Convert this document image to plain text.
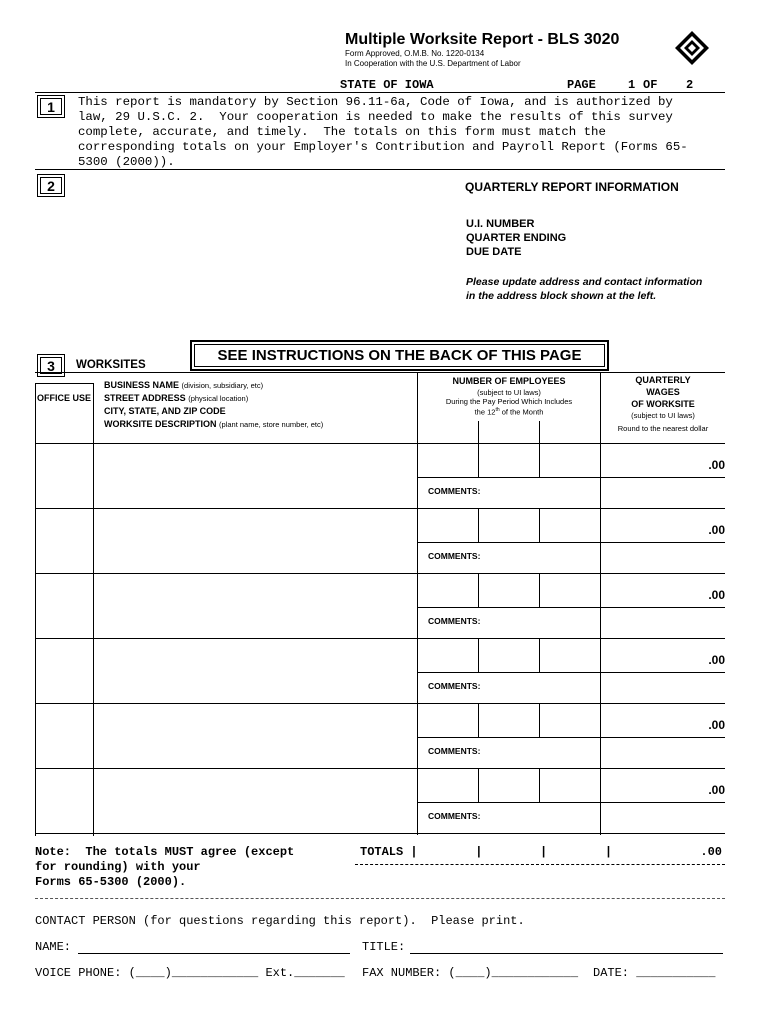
Multiple Worksite Report - BLS 3020
Form Approved, O.M.B. No. 1220-0134
In Cooperation with the U.S. Department of Labor
STATE OF IOWA	PAGE	1 OF 2
1	This report is mandatory by Section 96.11-6a, Code of Iowa, and is authorized by
law, 29 U.S.C. 2.  Your cooperation is needed to make the results of this survey
complete, accurate, and timely.  The totals on this form must match the
corresponding totals on your Employer's Contribution and Payroll Report (Forms 65-
5300 (2000)).
2	QUARTERLY REPORT INFORMATION
U.I. NUMBER
QUARTER ENDING
DUE DATE
Please update address and contact information in the address block shown at the left.
SEE INSTRUCTIONS ON THE BACK OF THIS PAGE
3	WORKSITES
OFFICE USE
BUSINESS NAME (division, subsidiary, etc)
STREET ADDRESS (physical location)
CITY, STATE, AND ZIP CODE
WORKSITE DESCRIPTION (plant name, store number, etc)
NUMBER OF EMPLOYEES
(subject to UI laws)
During the Pay Period Which Includes
the 12th of the Month
QUARTERLY
WAGES
OF WORKSITE
(subject to UI laws)
Round to the nearest dollar
.00
COMMENTS:
.00
COMMENTS:
.00
COMMENTS:
.00
COMMENTS:
.00
COMMENTS:
.00
COMMENTS:
Note:  The totals MUST agree (except
for rounding) with your
Forms 65-5300 (2000).
TOTALS |        |        |        |	.00
CONTACT PERSON (for questions regarding this report).  Please print.
NAME:	TITLE:
VOICE PHONE: (____)____________ Ext._______ FAX NUMBER: (____)____________ DATE: ___________
